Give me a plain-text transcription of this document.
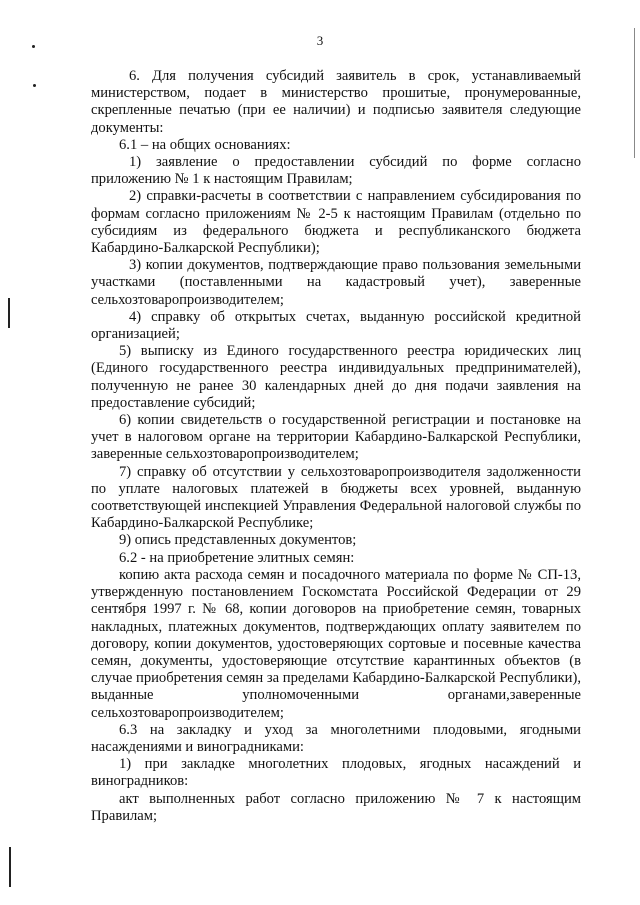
3

6. Для получения субсидий заявитель в срок, устанавливаемый министерством, подает в министерство прошитые, пронумерованные, скрепленные печатью (при ее наличии) и подписью заявителя следующие документы:

6.1 – на общих основаниях:

1) заявление о предоставлении субсидий по форме согласно приложению № 1 к настоящим Правилам;

2) справки-расчеты в соответствии с направлением субсидирования по формам согласно приложениям № 2-5 к настоящим Правилам (отдельно по субсидиям из федерального бюджета и республиканского бюджета Кабардино-Балкарской Республики);

3) копии документов, подтверждающие право пользования земельными участками (поставленными на кадастровый учет), заверенные сельхозтоваропроизводителем;

4) справку об открытых счетах, выданную российской кредитной организацией;

5) выписку из Единого государственного реестра юридических лиц (Единого государственного реестра индивидуальных предпринимателей), полученную не ранее 30 календарных дней до дня подачи заявления на предоставление субсидий;

6) копии свидетельств о государственной регистрации и постановке на учет в налоговом органе на территории Кабардино-Балкарской Республики, заверенные сельхозтоваропроизводителем;

7) справку об отсутствии у сельхозтоваропроизводителя задолженности по уплате налоговых платежей в бюджеты всех уровней, выданную соответствующей инспекцией Управления Федеральной налоговой службы по Кабардино-Балкарской Республике;

9) опись представленных документов;

6.2 - на приобретение элитных семян:

копию акта расхода семян и посадочного материала по форме № СП-13, утвержденную постановлением Госкомстата Российской Федерации от 29 сентября 1997 г. № 68, копии договоров на приобретение семян, товарных накладных, платежных документов, подтверждающих оплату заявителем по договору, копии документов, удостоверяющих сортовые и посевные качества семян, документы, удостоверяющие отсутствие карантинных объектов (в случае приобретения семян за пределами Кабардино-Балкарской Республики), выданные уполномоченными органами,заверенные сельхозтоваропроизводителем;

6.3 на закладку и уход за многолетними плодовыми, ягодными насаждениями и виноградниками:

1) при закладке многолетних плодовых, ягодных насаждений и виноградников:

акт выполненных работ согласно приложению № 7 к настоящим Правилам;
